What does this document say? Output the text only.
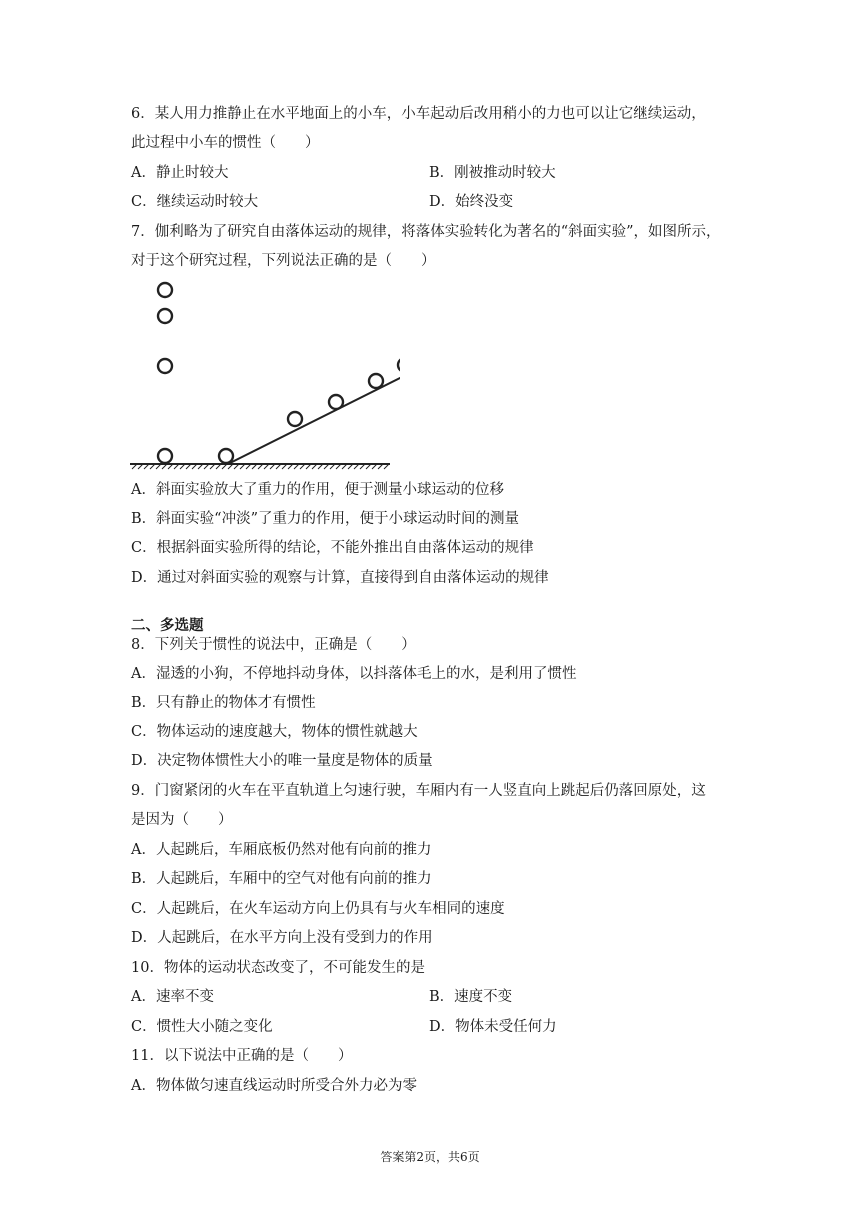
6．某人用力推静止在水平地面上的小车，小车起动后改用稍小的力也可以让它继续运动，
此过程中小车的惯性（　　）
A．静止时较大	B．刚被推动时较大
C．继续运动时较大	D．始终没变
7．伽利略为了研究自由落体运动的规律，将落体实验转化为著名的“斜面实验”，如图所示，
对于这个研究过程，下列说法正确的是（　　）
A．斜面实验放大了重力的作用，便于测量小球运动的位移
B．斜面实验“冲淡”了重力的作用，便于小球运动时间的测量
C．根据斜面实验所得的结论，不能外推出自由落体运动的规律
D．通过对斜面实验的观察与计算，直接得到自由落体运动的规律
二、多选题
8．下列关于惯性的说法中，正确是（　　）
A．湿透的小狗，不停地抖动身体，以抖落体毛上的水，是利用了惯性
B．只有静止的物体才有惯性
C．物体运动的速度越大，物体的惯性就越大
D．决定物体惯性大小的唯一量度是物体的质量
9．门窗紧闭的火车在平直轨道上匀速行驶，车厢内有一人竖直向上跳起后仍落回原处，这
是因为（　　）
A．人起跳后，车厢底板仍然对他有向前的推力
B．人起跳后，车厢中的空气对他有向前的推力
C．人起跳后，在火车运动方向上仍具有与火车相同的速度
D．人起跳后，在水平方向上没有受到力的作用
10．物体的运动状态改变了，不可能发生的是
A．速率不变	B．速度不变
C．惯性大小随之变化	D．物体未受任何力
11．以下说法中正确的是（　　）
A．物体做匀速直线运动时所受合外力必为零
答案第2页，共6页
